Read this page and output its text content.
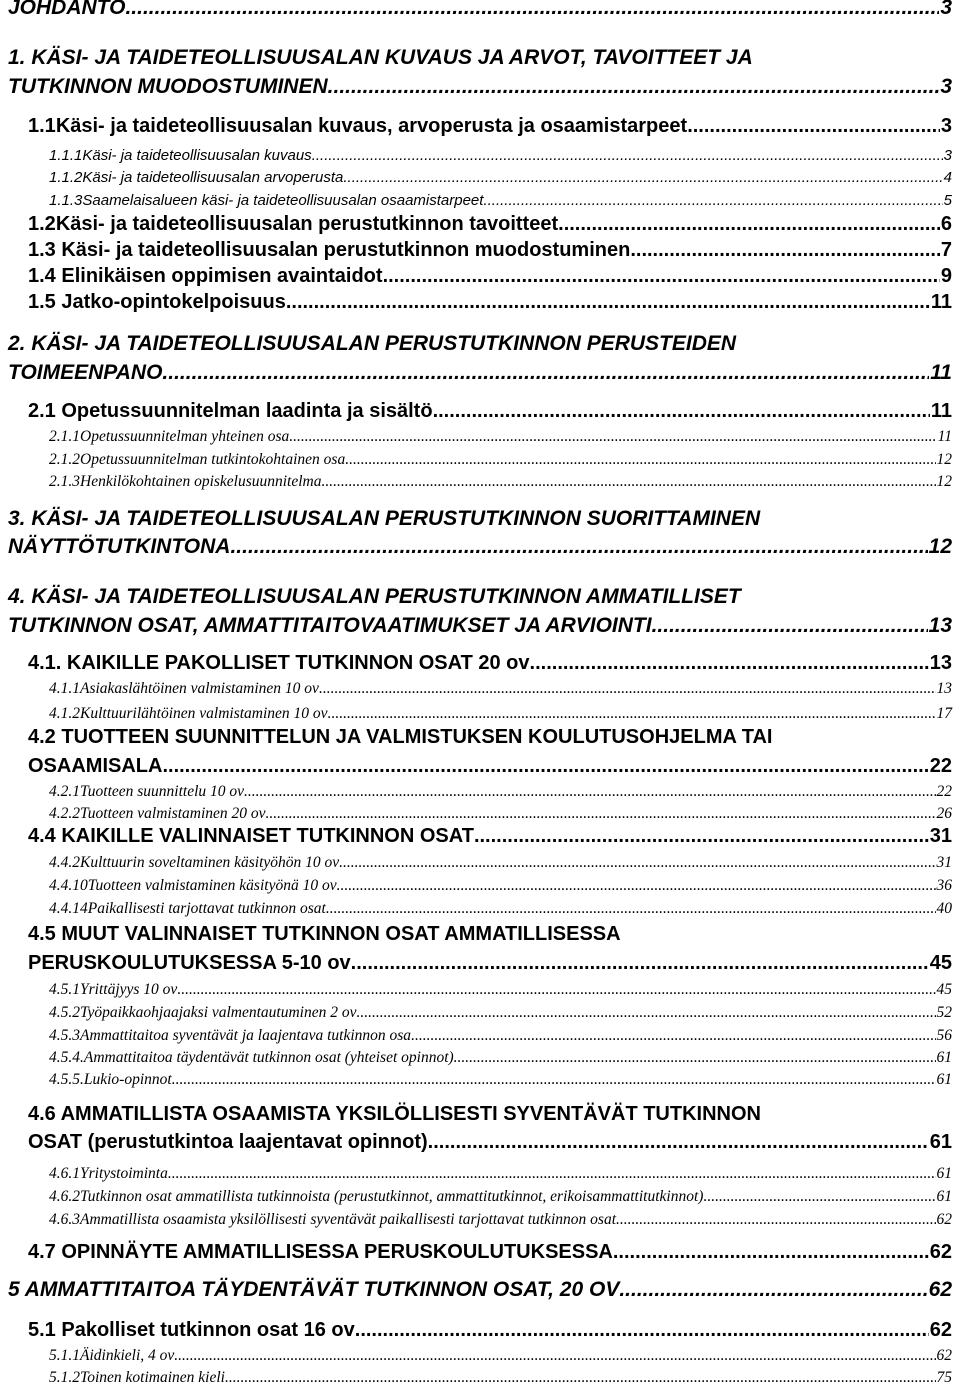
JOHDANTO .....	3
1. KÄSI- JA TAIDETEOLLISUUSALAN KUVAUS JA ARVOT, TAVOITTEET JA
TUTKINNON MUODOSTUMINEN .....	3
1.1 Käsi- ja taideteollisuusalan kuvaus, arvoperusta ja osaamistarpeet .....	3
1.1.1 Käsi- ja taideteollisuusalan kuvaus .....	3
1.1.2 Käsi- ja taideteollisuusalan arvoperusta .....	4
1.1.3 Saamelaisalueen käsi- ja taideteollisuusalan osaamistarpeet .....	5
1.2 Käsi- ja taideteollisuusalan perustutkinnon tavoitteet .....	6
1.3 Käsi- ja taideteollisuusalan perustutkinnon muodostuminen .....	7
1.4 Elinikäisen oppimisen avaintaidot .....	9
1.5 Jatko-opintokelpoisuus .....	11
2. KÄSI- JA TAIDETEOLLISUUSALAN PERUSTUTKINNON PERUSTEIDEN
TOIMEENPANO .....	11
2.1 Opetussuunnitelman laadinta ja sisältö .....	11
2.1.1 Opetussuunnitelman yhteinen osa .....	11
2.1.2 Opetussuunnitelman tutkintokohtainen osa .....	12
2.1.3 Henkilökohtainen opiskelusuunnitelma .....	12
3. KÄSI- JA TAIDETEOLLISUUSALAN PERUSTUTKINNON SUORITTAMINEN
NÄYTTÖTUTKINTONA .....	12
4. KÄSI- JA TAIDETEOLLISUUSALAN PERUSTUTKINNON AMMATILLISET
TUTKINNON OSAT, AMMATTITAITOVAATIMUKSET JA ARVIOINTI .....	13
4.1. KAIKILLE PAKOLLISET TUTKINNON OSAT 20 ov .....	13
4.1.1 Asiakaslähtöinen valmistaminen 10 ov .....	13
4.1.2 Kulttuurilähtöinen valmistaminen 10 ov .....	17
4.2 TUOTTEEN SUUNNITTELUN JA VALMISTUKSEN KOULUTUSOHJELMA TAI
OSAAMISALA .....	22
4.2.1 Tuotteen suunnittelu 10 ov .....	22
4.2.2 Tuotteen valmistaminen 20 ov .....	26
4.4 KAIKILLE VALINNAISET TUTKINNON OSAT .....	31
4.4.2 Kulttuurin soveltaminen käsityöhön 10 ov .....	31
4.4.10 Tuotteen valmistaminen käsityönä 10 ov .....	36
4.4.14 Paikallisesti tarjottavat tutkinnon osat .....	40
4.5 MUUT VALINNAISET TUTKINNON OSAT AMMATILLISESSA
PERUSKOULUTUKSESSA 5-10 ov .....	45
4.5.1 Yrittäjyys 10 ov .....	45
4.5.2 Työpaikkaohjaajaksi valmentautuminen 2 ov .....	52
4.5.3 Ammattitaitoa syventävät ja laajentava tutkinnon osa .....	56
4.5.4. Ammattitaitoa täydentävät tutkinnon osat (yhteiset opinnot) .....	61
4.5.5. Lukio-opinnot .....	61
4.6 AMMATILLISTA OSAAMISTA YKSILÖLLISESTI SYVENTÄVÄT TUTKINNON
OSAT (perustutkintoa laajentavat opinnot) .....	61
4.6.1 Yritystoiminta .....	61
4.6.2 Tutkinnon osat ammatillista tutkinnoista (perustutkinnot, ammattitutkinnot, erikoisammattitutkinnot) .....	61
4.6.3 Ammatillista osaamista yksilöllisesti syventävät paikallisesti tarjottavat tutkinnon osat .....	62
4.7 OPINNÄYTE AMMATILLISESSA PERUSKOULUTUKSESSA .....	62
5 AMMATTITAITOA TÄYDENTÄVÄT TUTKINNON OSAT, 20 OV .....	62
5.1 Pakolliset tutkinnon osat 16 ov .....	62
5.1.1 Äidinkieli, 4 ov .....	62
5.1.2 Toinen kotimainen kieli .....	75
